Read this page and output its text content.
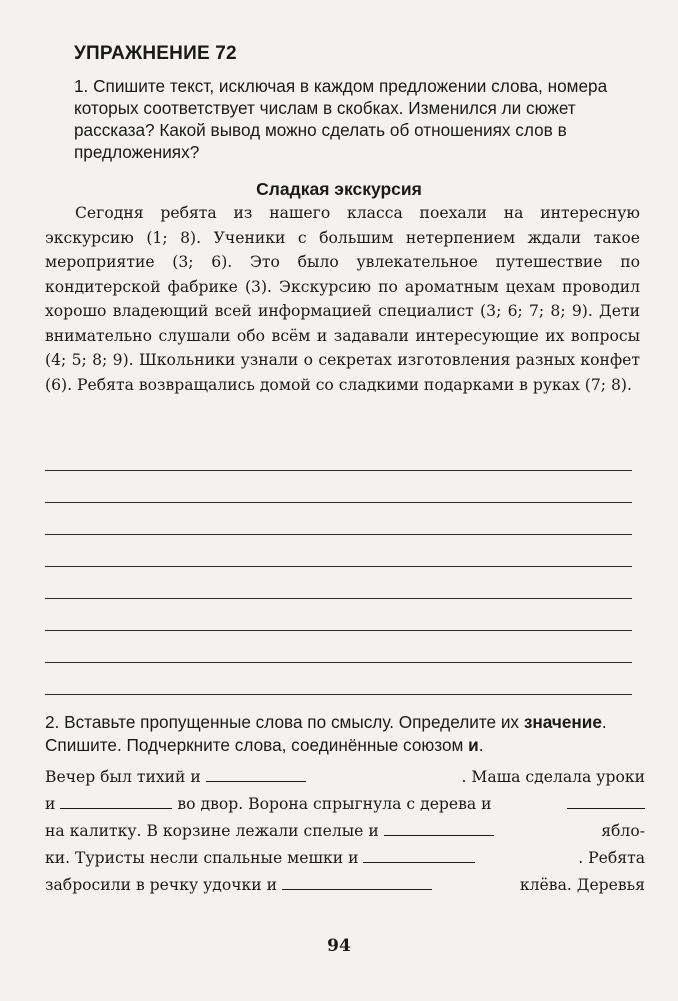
УПРАЖНЕНИЕ 72
1. Спишите текст, исключая в каждом предложении слова, номера которых соответствует числам в скобках. Изменился ли сюжет рассказа? Какой вывод можно сделать об отношениях слов в предложениях?
Сладкая экскурсия
Сегодня ребята из нашего класса поехали на интересную экскурсию (1; 8). Ученики с большим нетерпением ждали такое мероприятие (3; 6). Это было увлекательное путешествие по кондитерской фабрике (3). Экскурсию по ароматным цехам проводил хорошо владеющий всей информацией специалист (3; 6; 7; 8; 9). Дети внимательно слушали обо всём и задавали интересующие их вопросы (4; 5; 8; 9). Школьники узнали о секретах изготовления разных конфет (6). Ребята возвращались домой со сладкими подарками в руках (7; 8).
2. Вставьте пропущенные слова по смыслу. Определите их значение. Спишите. Подчеркните слова, соединённые союзом и.
Вечер был тихий и	. Маша сделала уроки
и	во двор. Ворона спрыгнула с дерева и
на калитку. В корзине лежали спелые и	ябло-
ки. Туристы несли спальные мешки и	. Ребята
забросили в речку удочки и	клёва. Деревья
94
